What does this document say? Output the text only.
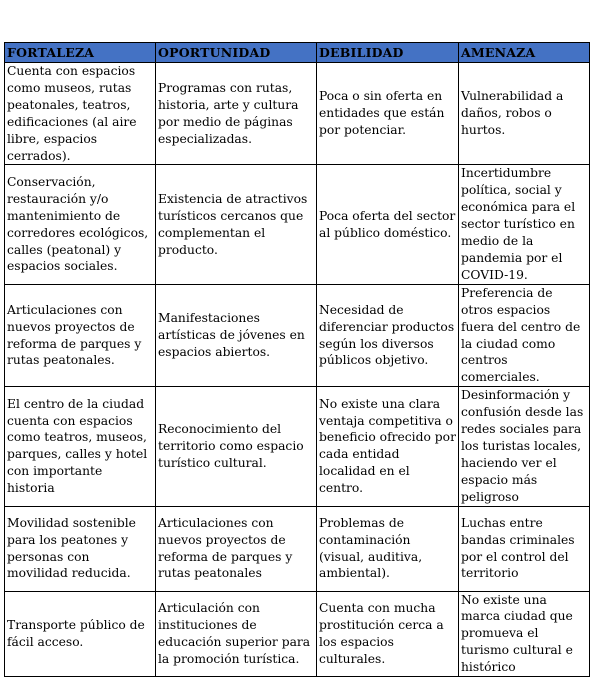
FORTALEZA	OPORTUNIDAD	DEBILIDAD	AMENAZA
Cuenta con espacios como museos, rutas peatonales, teatros, edificaciones (al aire libre, espacios cerrados).	Programas con rutas, historia, arte y cultura por medio de páginas especializadas.	Poca o sin oferta en entidades que están por potenciar.	Vulnerabilidad a daños, robos o hurtos.
Conservación, restauración y/o mantenimiento de corredores ecológicos, calles (peatonal) y espacios sociales.	Existencia de atractivos turísticos cercanos que complementan el producto.	Poca oferta del sector al público doméstico.	Incertidumbre política, social y económica para el sector turístico en medio de la pandemia por el COVID-19.
Articulaciones con nuevos proyectos de reforma de parques y rutas peatonales.	Manifestaciones artísticas de jóvenes en espacios abiertos.	Necesidad de diferenciar productos según los diversos públicos objetivo.	Preferencia de otros espacios fuera del centro de la ciudad como centros comerciales.
El centro de la ciudad cuenta con espacios como teatros, museos, parques, calles y hotel con importante historia	Reconocimiento del territorio como espacio turístico cultural.	No existe una clara ventaja competitiva o beneficio ofrecido por cada entidad localidad en el centro.	Desinformación y confusión desde las redes sociales para los turistas locales, haciendo ver el espacio más peligroso
Movilidad sostenible para los peatones y personas con movilidad reducida.	Articulaciones con nuevos proyectos de reforma de parques y rutas peatonales	Problemas de contaminación (visual, auditiva, ambiental).	Luchas entre bandas criminales por el control del territorio
Transporte público de fácil acceso.	Articulación con instituciones de educación superior para la promoción turística.	Cuenta con mucha prostitución cerca a los espacios culturales.	No existe una marca ciudad que promueva el turismo cultural e histórico
